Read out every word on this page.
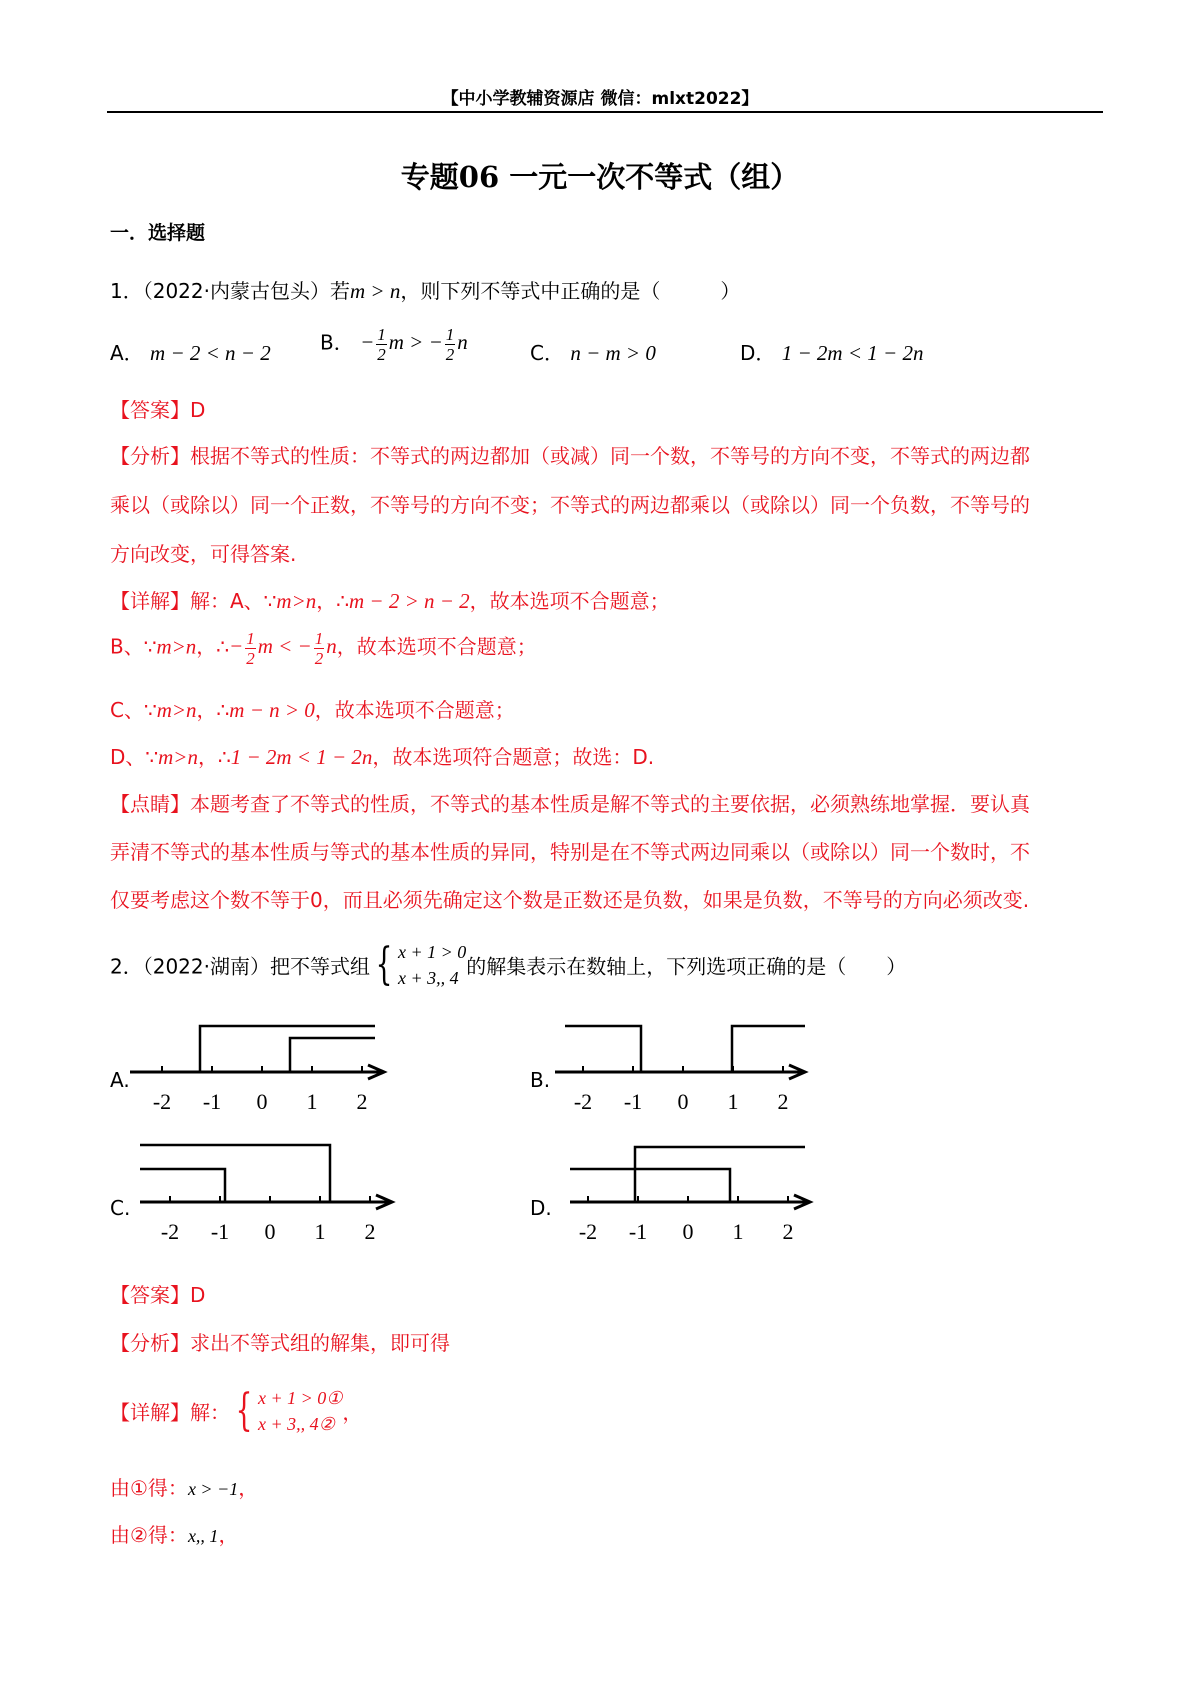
【中小学教辅资源店 微信：mlxt2022】
专题06 一元一次不等式（组）
一．选择题
1．（2022·内蒙古包头）若m > n，则下列不等式中正确的是（　　　）
A． m − 2 < n − 2 B． − $\frac{1}{2}$ m > − $\frac{1}{2}$ n	C． n − m > 0	D． 1 − 2m < 1 − 2n
【答案】D
【分析】根据不等式的性质：不等式的两边都加（或减）同一个数，不等号的方向不变，不等式的两边都
乘以（或除以）同一个正数，不等号的方向不变；不等式的两边都乘以（或除以）同一个负数，不等号的
方向改变，可得答案.
【详解】解：A、∵m>n，∴m − 2 > n − 2，故本选项不合题意；
B、∵m>n，∴− $\frac{1}{2}$ m < − $\frac{1}{2}$ n，故本选项不合题意；
C、∵m>n，∴m − n > 0，故本选项不合题意；
D、∵m>n，∴1 − 2m < 1 − 2n，故本选项符合题意；故选：D.
【点睛】本题考查了不等式的性质，不等式的基本性质是解不等式的主要依据，必须熟练地掌握．要认真
弄清不等式的基本性质与等式的基本性质的异同，特别是在不等式两边同乘以（或除以）同一个数时，不
仅要考虑这个数不等于0，而且必须先确定这个数是正数还是负数，如果是负数，不等号的方向必须改变.
2．（2022·湖南）把不等式组 { x + 1 > 0
x + 3,, 4 的解集表示在数轴上，下列选项正确的是（　　）
A.
-2 -1 0 1 2
B.
-2 -1 0 1 2
C.
-2 -1 0 1 2
D.
-2 -1 0 1 2
【答案】D
【分析】求出不等式组的解集，即可得
【详解】解： { x + 1 > 0①
x + 3,, 4② ，
由①得：x > −1，
由②得：x,, 1，
